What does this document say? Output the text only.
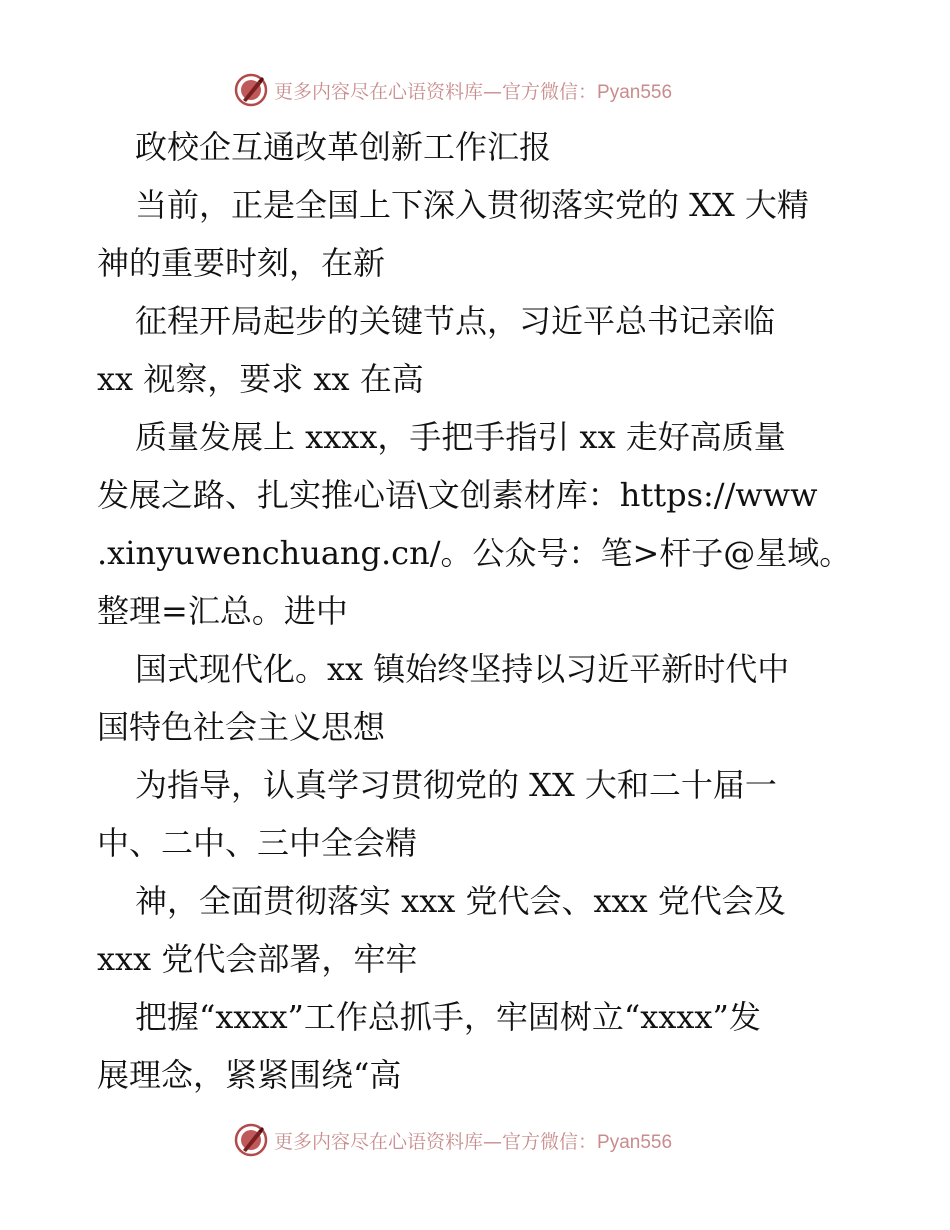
更多内容尽在心语资料库—官方微信：Pyan556
政校企互通改革创新工作汇报
当前，正是全国上下深入贯彻落实党的 XX 大精
神的重要时刻，在新
征程开局起步的关键节点，习近平总书记亲临
xx 视察，要求 xx 在高
质量发展上 xxxx，手把手指引 xx 走好高质量
发展之路、扎实推心语\文创素材库：https://www
.xinyuwenchuang.cn/。公众号：笔>杆子@星域。
整理=汇总。进中
国式现代化。xx 镇始终坚持以习近平新时代中
国特色社会主义思想
为指导，认真学习贯彻党的 XX 大和二十届一
中、二中、三中全会精
神，全面贯彻落实 xxx 党代会、xxx 党代会及
xxx 党代会部署，牢牢
把握“xxxx”工作总抓手，牢固树立“xxxx”发
展理念，紧紧围绕“高
更多内容尽在心语资料库—官方微信：Pyan556
